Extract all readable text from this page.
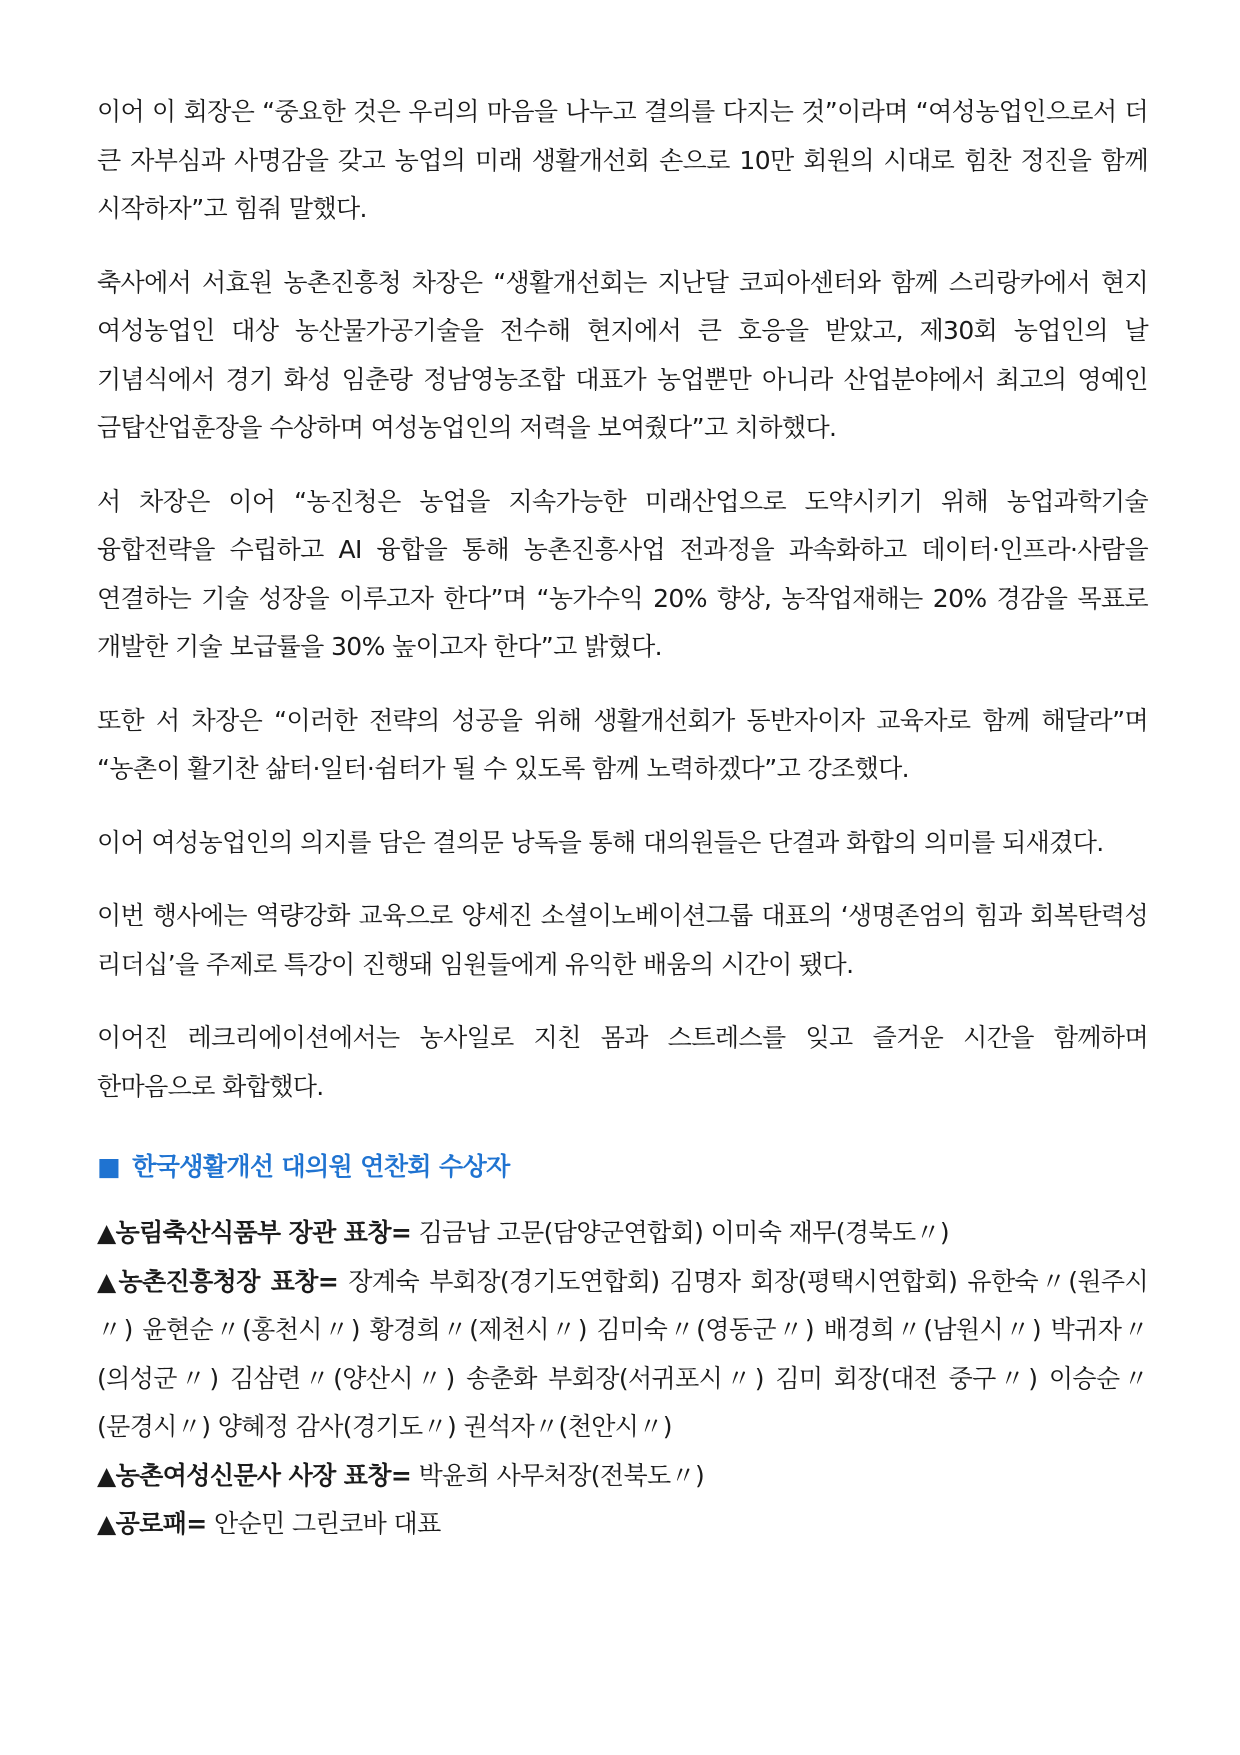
이어 이 회장은 “중요한 것은 우리의 마음을 나누고 결의를 다지는 것”이라며 “여성농업인으로서 더 큰 자부심과 사명감을 갖고 농업의 미래 생활개선회 손으로 10만 회원의 시대로 힘찬 정진을 함께 시작하자”고 힘줘 말했다.

축사에서 서효원 농촌진흥청 차장은 “생활개선회는 지난달 코피아센터와 함께 스리랑카에서 현지 여성농업인 대상 농산물가공기술을 전수해 현지에서 큰 호응을 받았고, 제30회 농업인의 날 기념식에서 경기 화성 임춘랑 정남영농조합 대표가 농업뿐만 아니라 산업분야에서 최고의 영예인 금탑산업훈장을 수상하며 여성농업인의 저력을 보여줬다”고 치하했다.

서 차장은 이어 “농진청은 농업을 지속가능한 미래산업으로 도약시키기 위해 농업과학기술 융합전략을 수립하고 AI 융합을 통해 농촌진흥사업 전과정을 과속화하고 데이터·인프라·사람을 연결하는 기술 성장을 이루고자 한다”며 “농가수익 20% 향상, 농작업재해는 20% 경감을 목표로 개발한 기술 보급률을 30% 높이고자 한다”고 밝혔다.

또한 서 차장은 “이러한 전략의 성공을 위해 생활개선회가 동반자이자 교육자로 함께 해달라”며 “농촌이 활기찬 삶터·일터·쉼터가 될 수 있도록 함께 노력하겠다”고 강조했다.

이어 여성농업인의 의지를 담은 결의문 낭독을 통해 대의원들은 단결과 화합의 의미를 되새겼다.

이번 행사에는 역량강화 교육으로 양세진 소셜이노베이션그룹 대표의 ‘생명존엄의 힘과 회복탄력성 리더십’을 주제로 특강이 진행돼 임원들에게 유익한 배움의 시간이 됐다.

이어진 레크리에이션에서는 농사일로 지친 몸과 스트레스를 잊고 즐거운 시간을 함께하며 한마음으로 화합했다.

■ 한국생활개선 대의원 연찬회 수상자

▲농림축산식품부 장관 표창= 김금남 고문(담양군연합회) 이미숙 재무(경북도〃)

▲농촌진흥청장 표창= 장계숙 부회장(경기도연합회) 김명자 회장(평택시연합회) 유한숙〃(원주시〃) 윤현순〃(홍천시〃) 황경희〃(제천시〃) 김미숙〃(영동군〃) 배경희〃(남원시〃) 박귀자〃(의성군〃) 김삼련〃(양산시〃) 송춘화 부회장(서귀포시〃) 김미 회장(대전 중구〃) 이승순〃(문경시〃) 양혜정 감사(경기도〃) 권석자〃(천안시〃)

▲농촌여성신문사 사장 표창= 박윤희 사무처장(전북도〃)

▲공로패= 안순민 그린코바 대표
